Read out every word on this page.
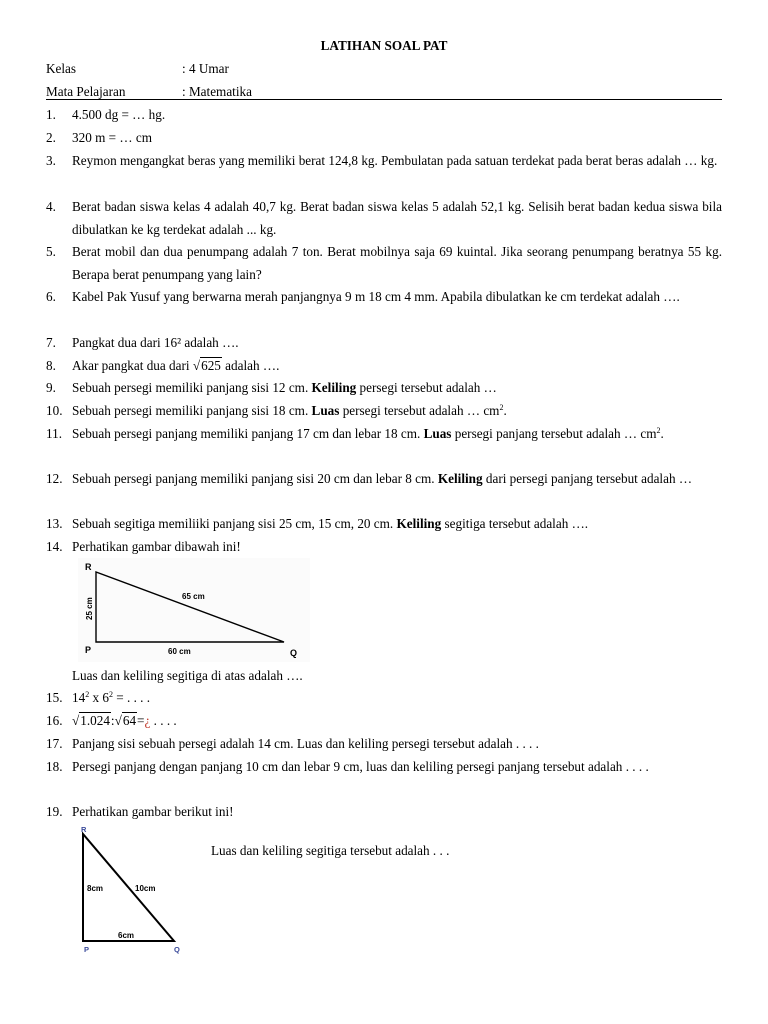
LATIHAN SOAL PAT
Kelas	: 4 Umar
Mata Pelajaran	: Matematika
1. 4.500 dg = … hg.
2. 320 m = … cm
3. Reymon mengangkat beras yang memiliki berat 124,8 kg. Pembulatan pada satuan terdekat pada berat beras adalah … kg.
4. Berat badan siswa kelas 4 adalah 40,7 kg. Berat badan siswa kelas 5 adalah 52,1 kg. Selisih berat badan kedua siswa bila dibulatkan ke kg terdekat adalah ... kg.
5. Berat mobil dan dua penumpang adalah 7 ton. Berat mobilnya saja 69 kuintal. Jika seorang penumpang beratnya 55 kg. Berapa berat penumpang yang lain?
6. Kabel Pak Yusuf yang berwarna merah panjangnya 9 m 18 cm 4 mm. Apabila dibulatkan ke cm terdekat adalah ….
7. Pangkat dua dari 16² adalah ….
8. Akar pangkat dua dari √625 adalah ….
9. Sebuah persegi memiliki panjang sisi 12 cm. Keliling persegi tersebut adalah …
10. Sebuah persegi memiliki panjang sisi 18 cm. Luas persegi tersebut adalah … $cm^2$.
11. Sebuah persegi panjang memiliki panjang 17 cm dan lebar 18 cm. Luas persegi panjang tersebut adalah … $cm^2$.
12. Sebuah persegi panjang memiliki panjang sisi 20 cm dan lebar 8 cm. Keliling dari persegi panjang tersebut adalah …
13. Sebuah segitiga memiliiki panjang sisi 25 cm, 15 cm, 20 cm. Keliling segitiga tersebut adalah ….
14. Perhatikan gambar dibawah ini!
R
P	Q
25 cm
60 cm
65 cm
Luas dan keliling segitiga di atas adalah ….
15. $14^2$ x $6^2$ = . . . .
16. √1.024:√64=¿ . . . .
17. Panjang sisi sebuah persegi adalah 14 cm. Luas dan keliling persegi tersebut adalah . . . .
18. Persegi panjang dengan panjang 10 cm dan lebar 9 cm, luas dan keliling persegi panjang tersebut adalah . . . .
19. Perhatikan gambar berikut ini!
R
P	Q
8cm	10cm
6cm
Luas dan keliling segitiga tersebut adalah . . .
